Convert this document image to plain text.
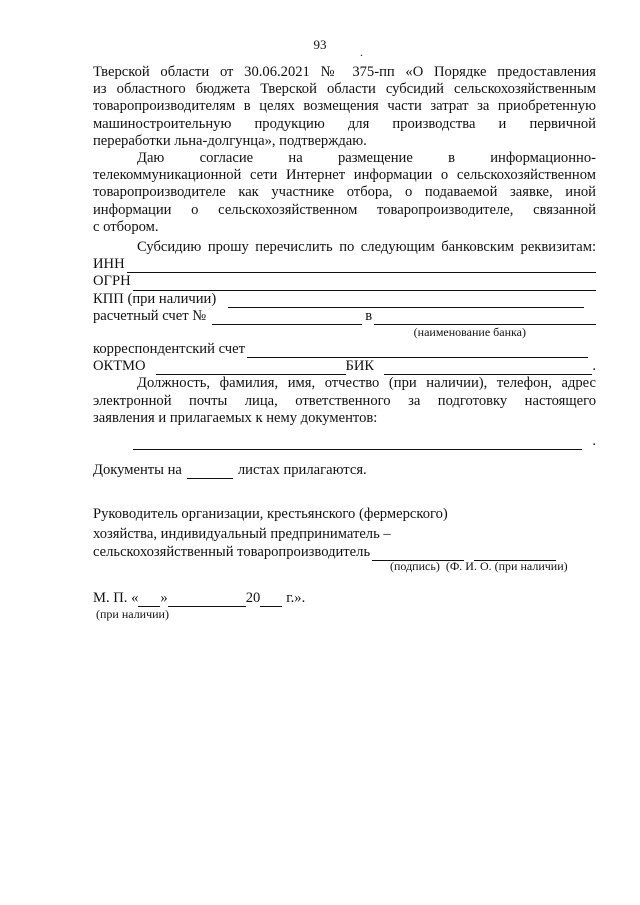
93	.

Тверской области от 30.06.2021 № 375-пп «О Порядке предоставления

из областного бюджета Тверской области субсидий сельскохозяйственным

товаропроизводителям в целях возмещения части затрат за приобретенную

машиностроительную продукцию для производства и первичной

переработки льна-долгунца», подтверждаю.

Даю согласие на размещение в информационно-

телекоммуникационной сети Интернет информации о сельскохозяйственном

товаропроизводителе как участнике отбора, о подаваемой заявке, иной

информации о сельскохозяйственном товаропроизводителе, связанной

с отбором.

Субсидию прошу перечислить по следующим банковским реквизитам:

ИНН
ОГРН
КПП (при наличии)
расчетный счет №	в
(наименование банка)
корреспондентский счет
ОКТМО	БИК	.

Должность, фамилия, имя, отчество (при наличии), телефон, адрес

электронной почты лица, ответственного за подготовку настоящего

заявления и прилагаемых к нему документов:

.
Документы на	листах прилагаются.
Руководитель организации, крестьянского (фермерского)
хозяйства, индивидуальный предприниматель –
сельскохозяйственный товаропроизводитель
(подпись) (Ф. И. О. (при наличии)
М. П. « »	20 г.».
(при наличии)
